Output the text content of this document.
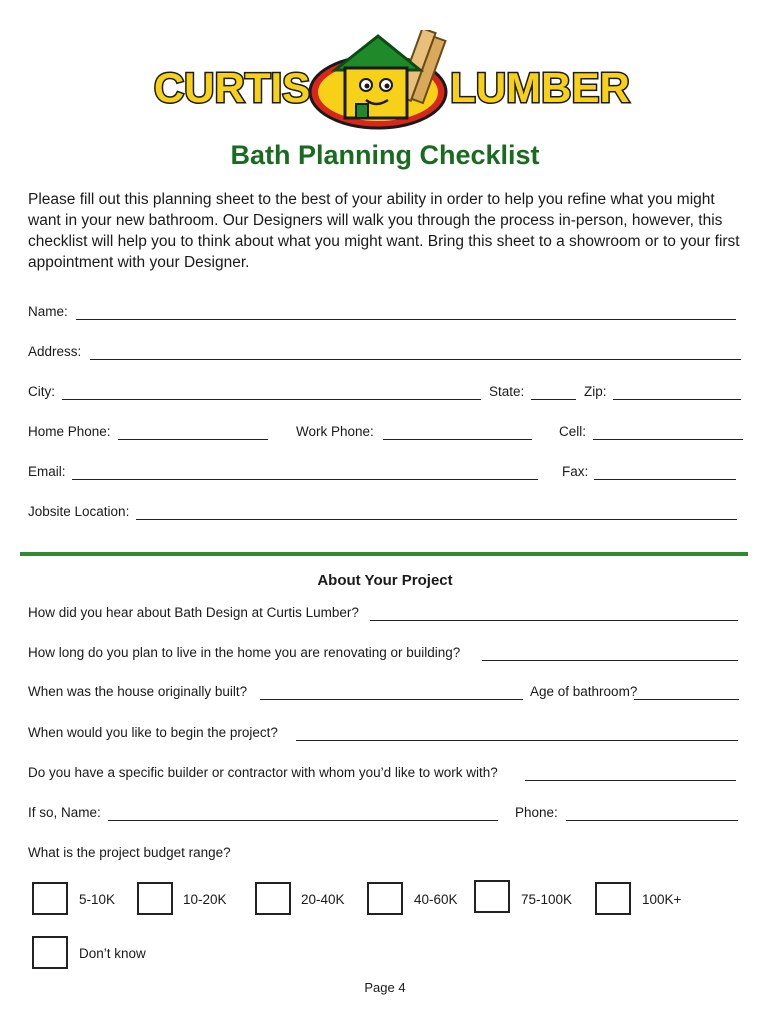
CURTIS	LUMBER
Bath Planning Checklist
Please fill out this planning sheet to the best of your ability in order to help you refine what you might want in your new bathroom. Our Designers will walk you through the process in-person, however, this checklist will help you to think about what you might want. Bring this sheet to a showroom or to your first appointment with your Designer.
Name:
Address:
City:	State:	Zip:
Home Phone:	Work Phone:	Cell:
Email:	Fax:
Jobsite Location:
About Your Project
How did you hear about Bath Design at Curtis Lumber?
How long do you plan to live in the home you are renovating or building?
When was the house originally built?	Age of bathroom?
When would you like to begin the project?
Do you have a specific builder or contractor with whom you’d like to work with?
If so, Name:	Phone:
What is the project budget range?
5-10K	10-20K	20-40K	40-60K	75-100K	100K+
Don’t know
Page 4
